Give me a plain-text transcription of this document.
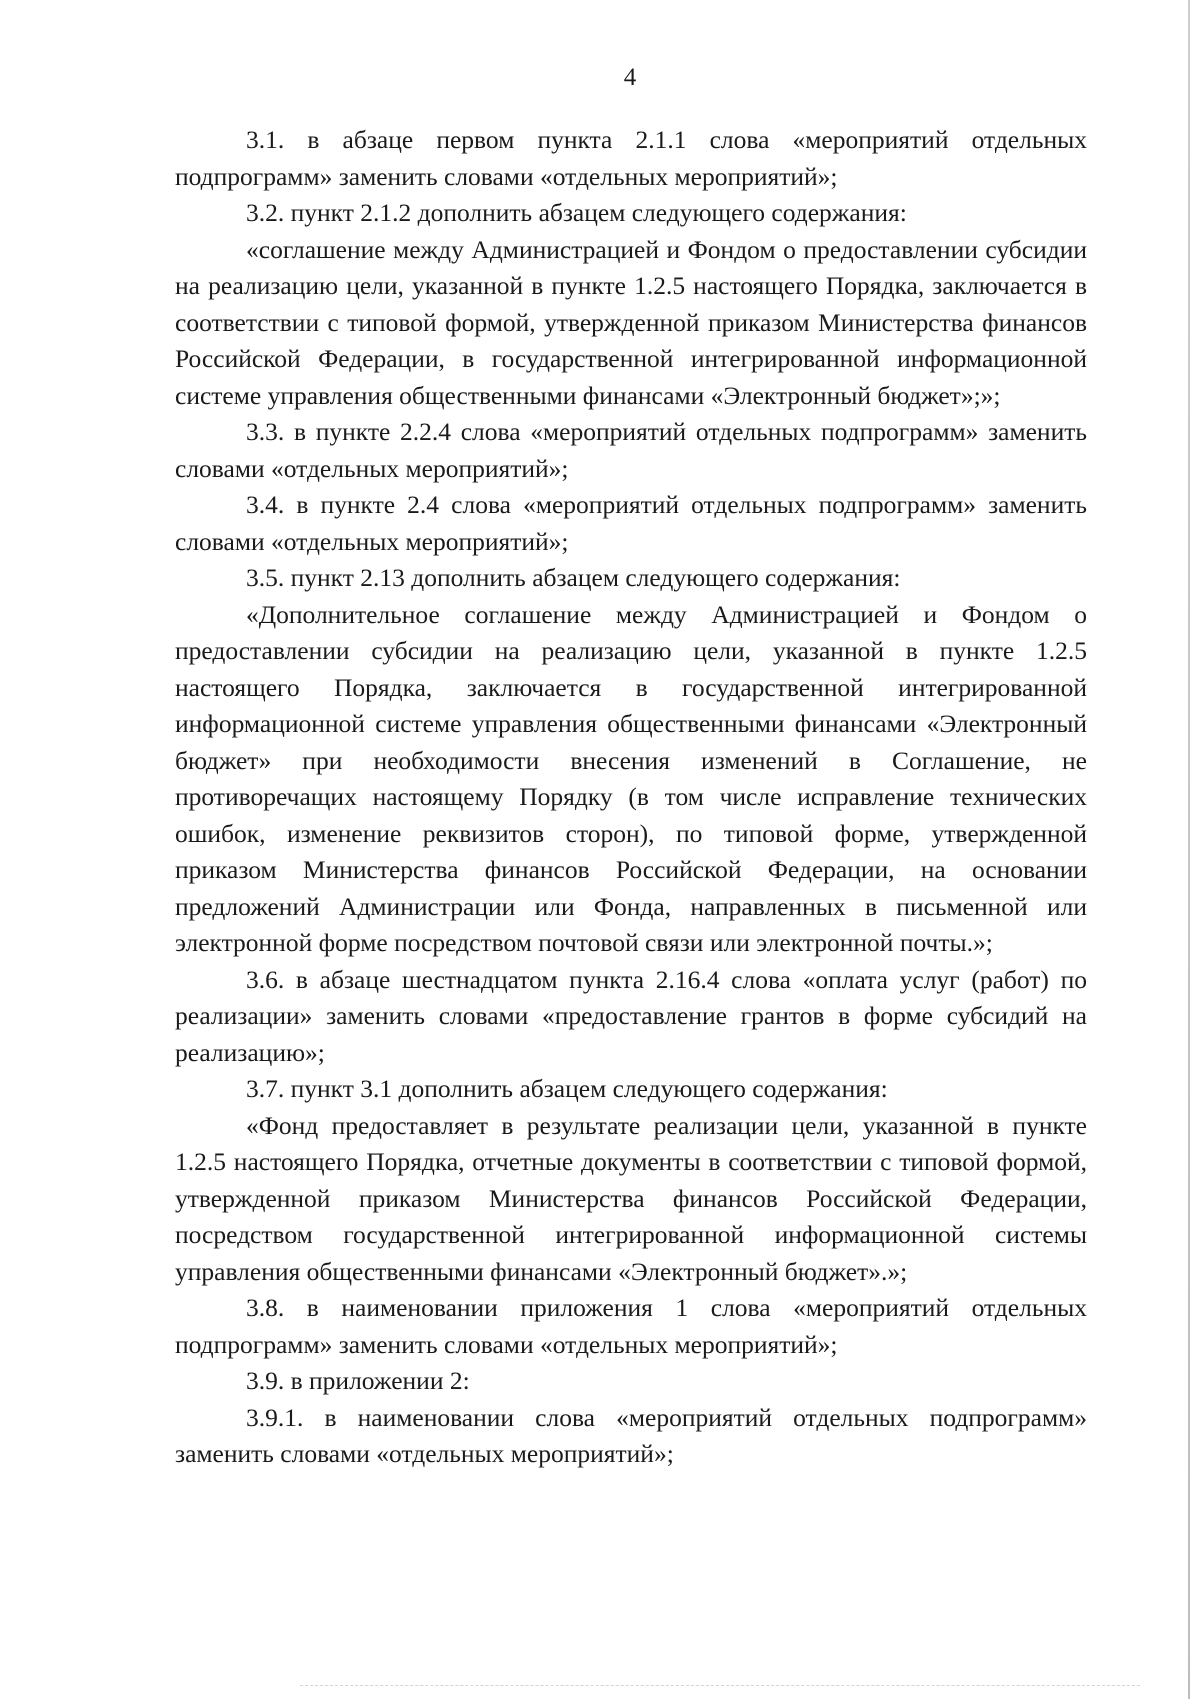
4

3.1. в абзаце первом пункта 2.1.1 слова «мероприятий отдельных подпрограмм» заменить словами «отдельных мероприятий»;

3.2. пункт 2.1.2 дополнить абзацем следующего содержания:

«соглашение между Администрацией и Фондом о предоставлении субсидии на реализацию цели, указанной в пункте 1.2.5 настоящего Порядка, заключается в соответствии с типовой формой, утвержденной приказом Министерства финансов Российской Федерации, в государственной интегрированной информационной системе управления общественными финансами «Электронный бюджет»;»;

3.3. в пункте 2.2.4 слова «мероприятий отдельных подпрограмм» заменить словами «отдельных мероприятий»;

3.4. в пункте 2.4 слова «мероприятий отдельных подпрограмм» заменить словами «отдельных мероприятий»;

3.5. пункт 2.13 дополнить абзацем следующего содержания:

«Дополнительное соглашение между Администрацией и Фондом о предоставлении субсидии на реализацию цели, указанной в пункте 1.2.5 настоящего Порядка, заключается в государственной интегрированной информационной системе управления общественными финансами «Электронный бюджет» при необходимости внесения изменений в Соглашение, не противоречащих настоящему Порядку (в том числе исправление технических ошибок, изменение реквизитов сторон), по типовой форме, утвержденной приказом Министерства финансов Российской Федерации, на основании предложений Администрации или Фонда, направленных в письменной или электронной форме посредством почтовой связи или электронной почты.»;

3.6. в абзаце шестнадцатом пункта 2.16.4 слова «оплата услуг (работ) по реализации» заменить словами «предоставление грантов в форме субсидий на реализацию»;

3.7. пункт 3.1 дополнить абзацем следующего содержания:

«Фонд предоставляет в результате реализации цели, указанной в пункте 1.2.5 настоящего Порядка, отчетные документы в соответствии с типовой формой, утвержденной приказом Министерства финансов Российской Федерации, посредством государственной интегрированной информационной системы управления общественными финансами «Электронный бюджет».»;

3.8. в наименовании приложения 1 слова «мероприятий отдельных подпрограмм» заменить словами «отдельных мероприятий»;

3.9. в приложении 2:

3.9.1. в наименовании слова «мероприятий отдельных подпрограмм» заменить словами «отдельных мероприятий»;
